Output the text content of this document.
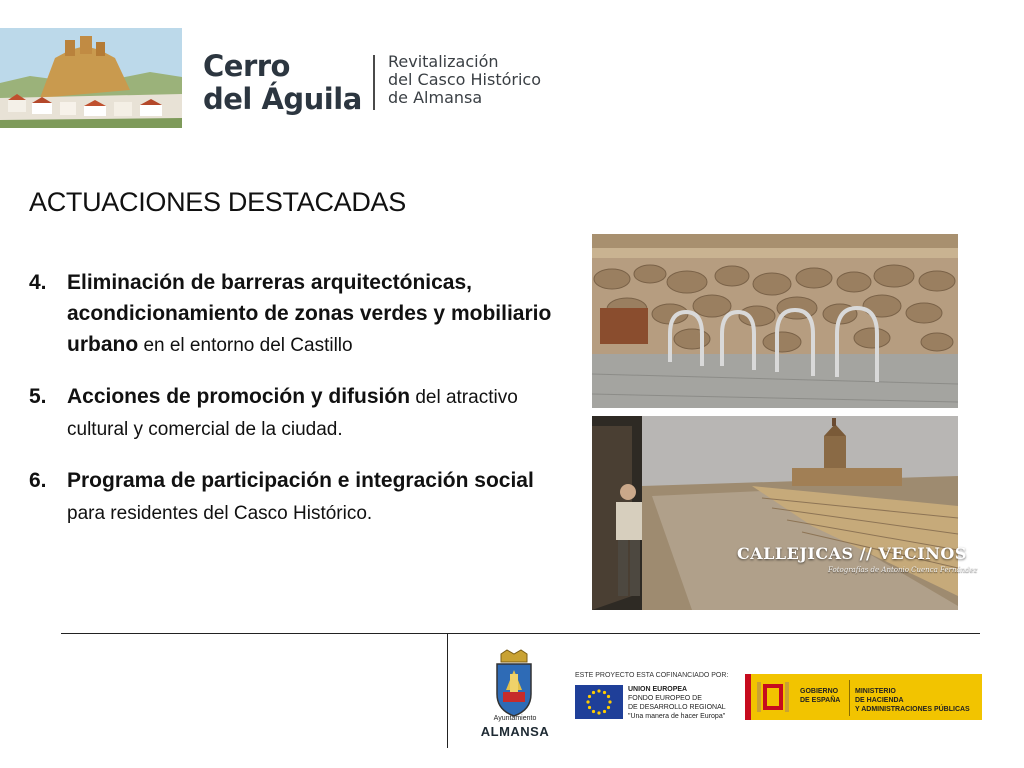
Cerro
del Águila
Revitalización
del Casco Histórico
de Almansa
ACTUACIONES DESTACADAS
4. Eliminación de barreras arquitectónicas, acondicionamiento de zonas verdes y mobiliario urbano en el entorno del Castillo
5. Acciones de promoción y difusión del atractivo cultural y comercial de la ciudad.
6. Programa de participación e integración social para residentes del Casco Histórico.
CALLEJICAS // VECINOS
Fotografías de Antonio Cuenca Fernández
Ayuntamiento
ALMANSA
ESTE PROYECTO ESTA COFINANCIADO POR:
UNION EUROPEA
FONDO EUROPEO DE
DE DESARROLLO REGIONAL
"Una manera de hacer Europa"
GOBIERNO
DE ESPAÑA
MINISTERIO
DE HACIENDA
Y ADMINISTRACIONES PÚBLICAS
